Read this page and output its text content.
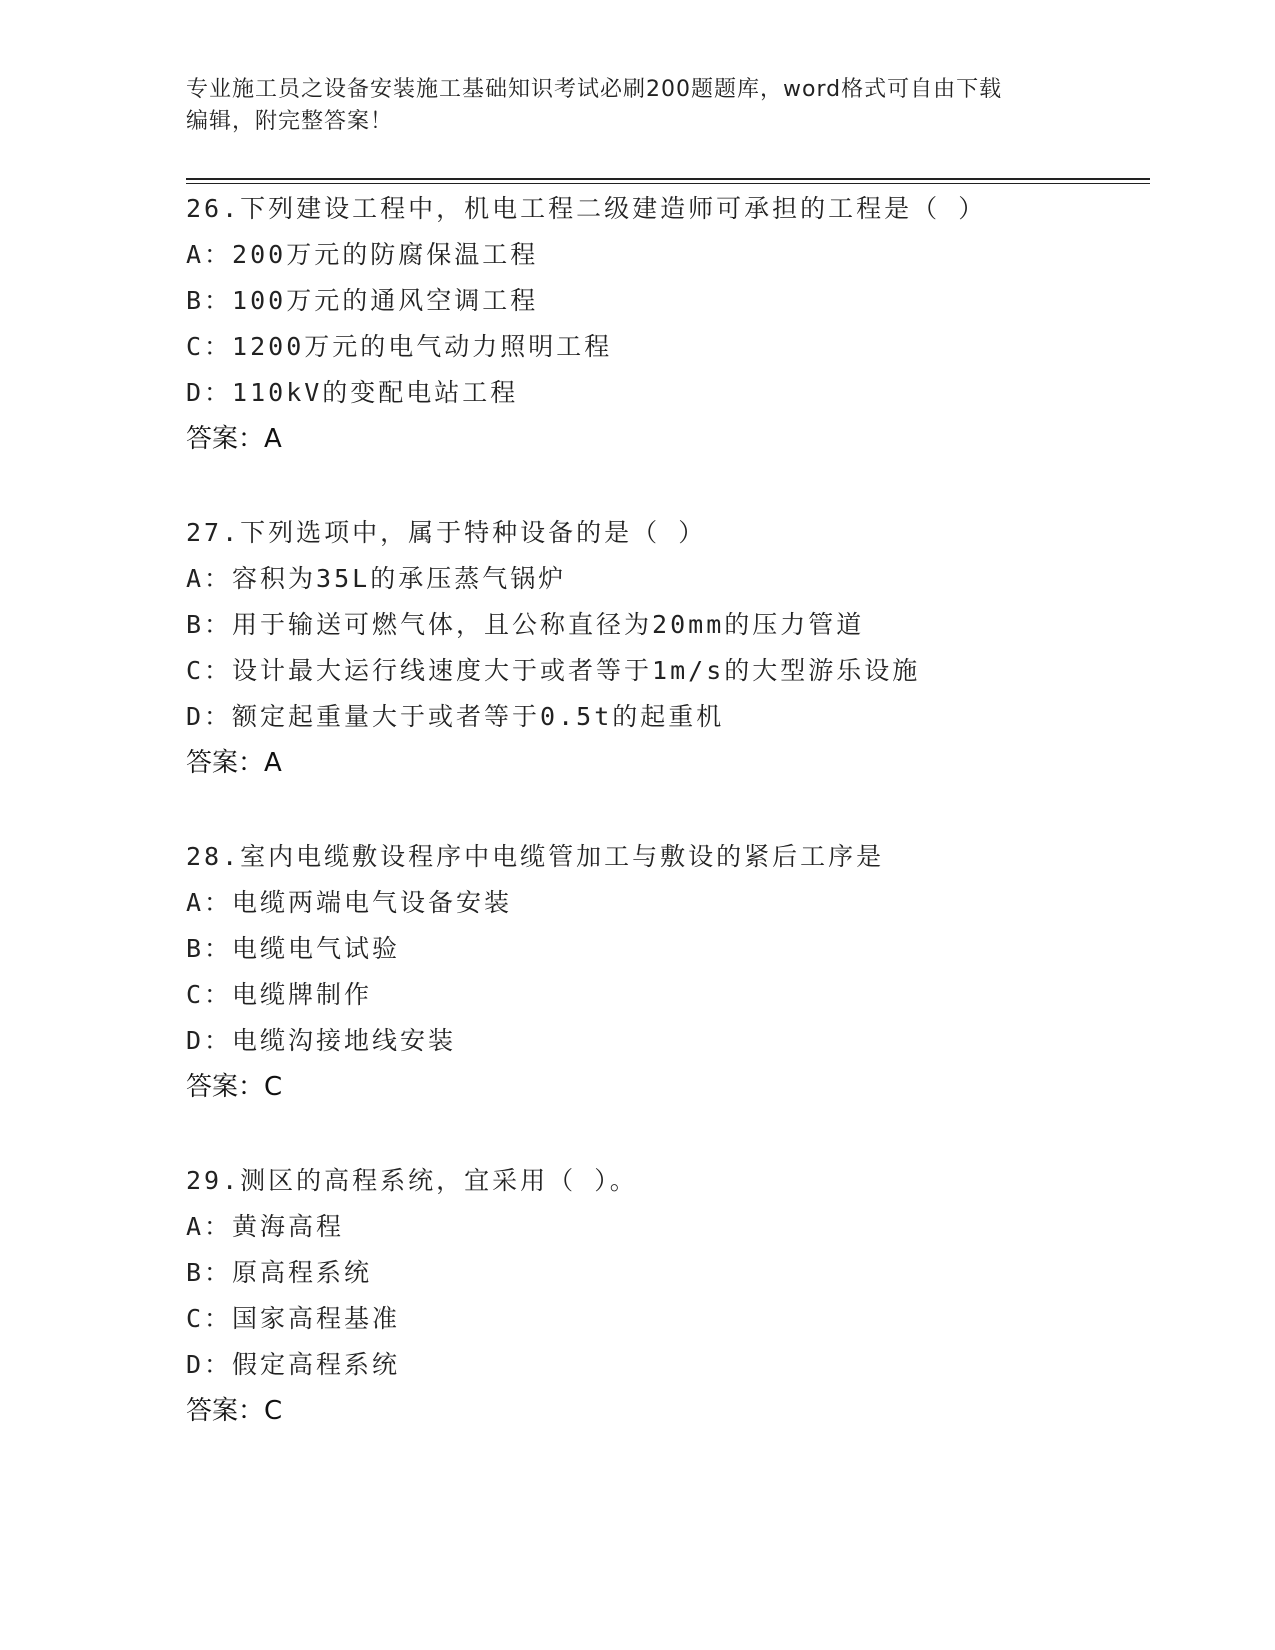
专业施工员之设备安装施工基础知识考试必刷200题题库，word格式可自由下载
编辑，附完整答案！
26.下列建设工程中，机电工程二级建造师可承担的工程是（ ）
A：200万元的防腐保温工程
B：100万元的通风空调工程
C：1200万元的电气动力照明工程
D：110kV的变配电站工程
答案：A
27.下列选项中，属于特种设备的是（ ）
A：容积为35L的承压蒸气锅炉
B：用于输送可燃气体，且公称直径为20mm的压力管道
C：设计最大运行线速度大于或者等于1m/s的大型游乐设施
D：额定起重量大于或者等于0.5t的起重机
答案：A
28.室内电缆敷设程序中电缆管加工与敷设的紧后工序是
A：电缆两端电气设备安装
B：电缆电气试验
C：电缆牌制作
D：电缆沟接地线安装
答案：C
29.测区的高程系统，宜采用（ ）。
A：黄海高程
B：原高程系统
C：国家高程基准
D：假定高程系统
答案：C
